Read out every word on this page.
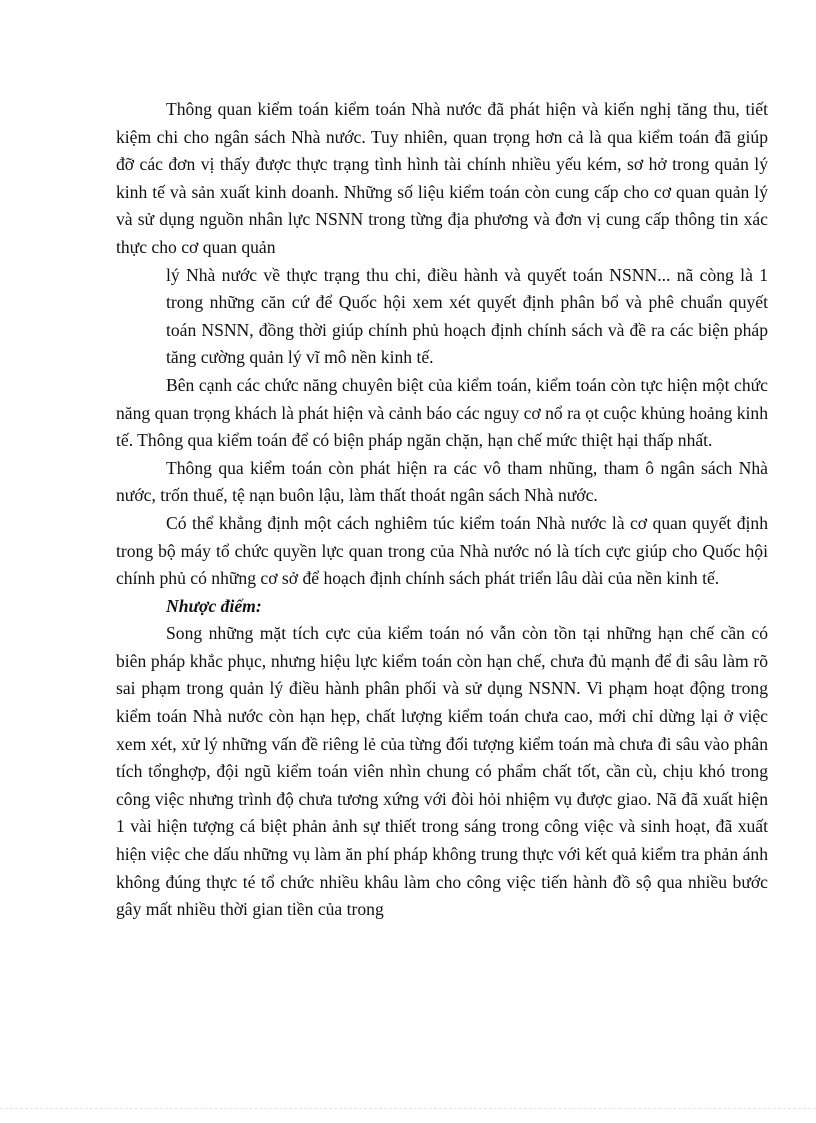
Thông quan kiểm toán kiểm toán Nhà nước đã phát hiện và kiến nghị tăng thu, tiết kiệm chi cho ngân sách Nhà nước. Tuy nhiên, quan trọng hơn cả là qua kiểm toán đã giúp đỡ các đơn vị thấy được thực trạng tình hình tài chính nhiều yếu kém, sơ hở trong quản lý kinh tế và sản xuất kinh doanh. Những số liệu kiểm toán còn cung cấp cho cơ quan quản lý và sử dụng nguồn nhân lực NSNN trong từng địa phương và đơn vị cung cấp thông tin xác thực cho cơ quan quản

lý Nhà nước về thực trạng thu chi, điều hành và quyết toán NSNN... nã còng là 1 trong những căn cứ để Quốc hội xem xét quyết định phân bổ và phê chuẩn quyết toán NSNN, đồng thời giúp chính phủ hoạch định chính sách và đề ra các biện pháp tăng cường quản lý vĩ mô nền kinh tế.

Bên cạnh các chức năng chuyên biệt của kiểm toán, kiểm toán còn tực hiện một chức năng quan trọng khách là phát hiện và cảnh báo các nguy cơ nổ ra ọt cuộc khủng hoảng kinh tế. Thông qua kiểm toán để có biện pháp ngăn chặn, hạn chế mức thiệt hại thấp nhất.

Thông qua kiểm toán còn phát hiện ra các vô tham nhũng, tham ô ngân sách Nhà nước, trốn thuế, tệ nạn buôn lậu, làm thất thoát ngân sách Nhà nước.

Có thể khẳng định một cách nghiêm túc kiểm toán Nhà nước là cơ quan quyết định trong bộ máy tổ chức quyền lực quan trong của Nhà nước nó là tích cực giúp cho Quốc hội chính phủ có những cơ sở để hoạch định chính sách phát triển lâu dài của nền kinh tế.

Nhược điểm:

Song những mặt tích cực của kiểm toán nó vẫn còn tồn tại những hạn chế cần có biên pháp khắc phục, nhưng hiệu lực kiểm toán còn hạn chế, chưa đủ mạnh để đi sâu làm rõ sai phạm trong quản lý điều hành phân phối và sử dụng NSNN. Vi phạm hoạt động trong kiểm toán Nhà nước còn hạn hẹp, chất lượng kiểm toán chưa cao, mới chỉ dừng lại ở việc xem xét, xử lý những vấn đề riêng lẻ của từng đối tượng kiểm toán mà chưa đi sâu vào phân tích tổnghợp, đội ngũ kiểm toán viên nhìn chung có phẩm chất tốt, cần cù, chịu khó trong công việc nhưng trình độ chưa tương xứng với đòi hỏi nhiệm vụ được giao. Nã đã xuất hiện 1 vài hiện tượng cá biệt phản ảnh sự thiết trong sáng trong công việc và sinh hoạt, đã xuất hiện việc che dấu những vụ làm ăn phí pháp không trung thực với kết quả kiểm tra phản ánh không đúng thực té tổ chức nhiều khâu làm cho công việc tiến hành đồ sộ qua nhiều bước gây mất nhiều thời gian tiền của trong
